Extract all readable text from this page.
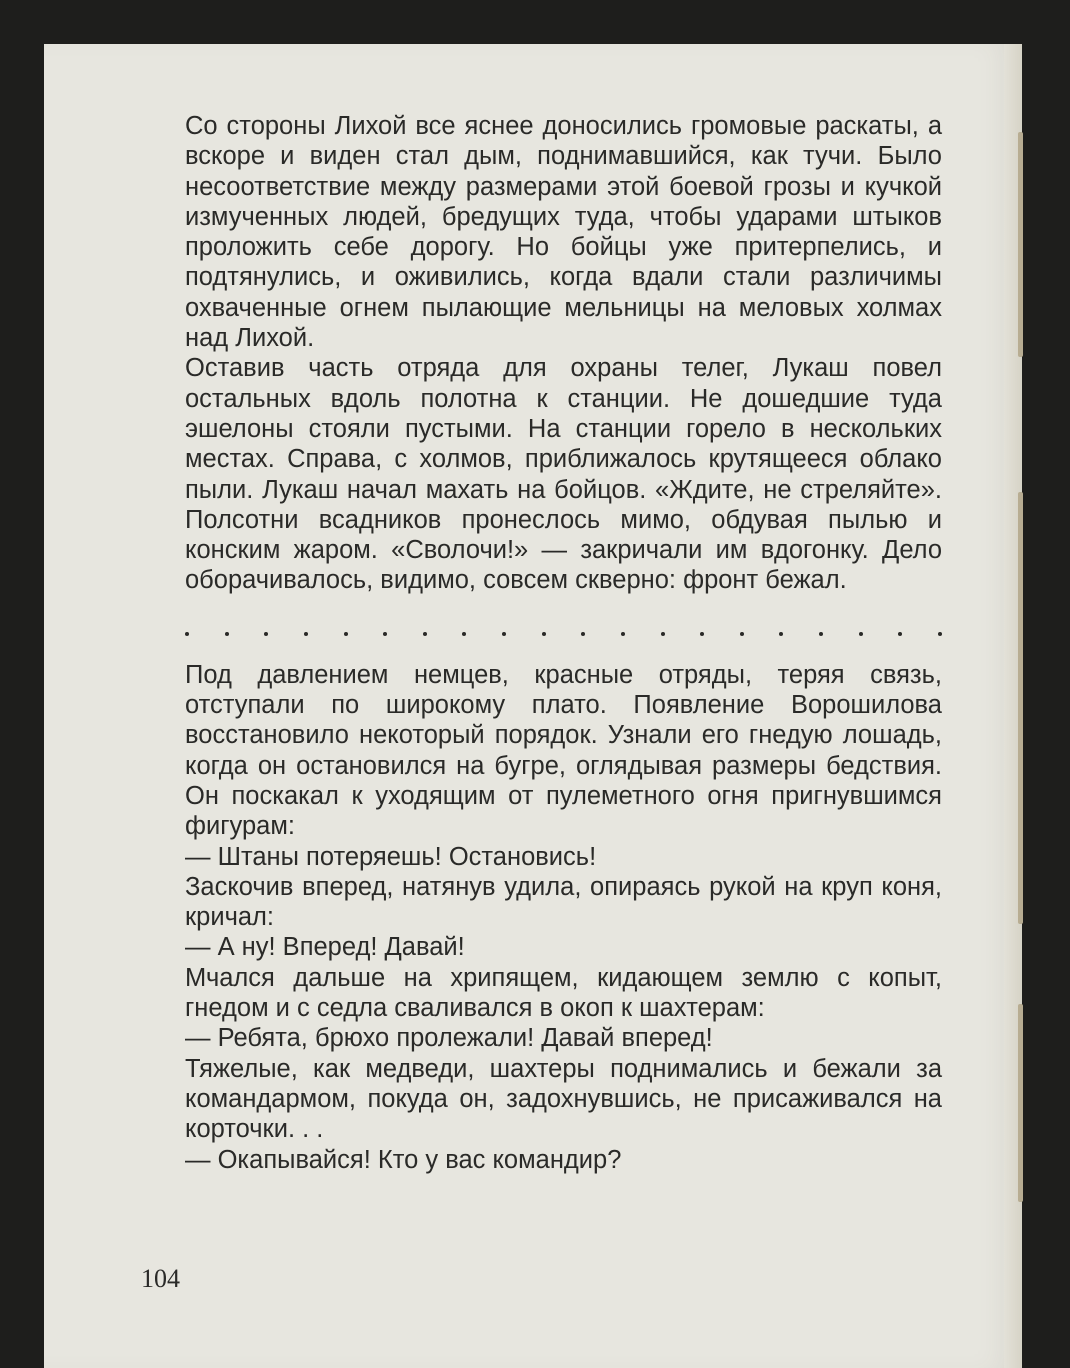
Со стороны Лихой все яснее доносились громовые раскаты, а вскоре и виден стал дым, поднимавшийся, как тучи. Было несоответствие между размерами этой боевой грозы и кучкой измученных людей, бредущих туда, чтобы ударами штыков проложить себе дорогу. Но бойцы уже притерпелись, и подтянулись, и оживились, когда вдали стали различимы охваченные огнем пылающие мельницы на меловых холмах над Лихой.

Оставив часть отряда для охраны телег, Лукаш повел остальных вдоль полотна к станции. Не дошедшие туда эшелоны стояли пустыми. На станции горело в нескольких местах. Справа, с холмов, приближалось крутящееся облако пыли. Лукаш начал махать на бойцов. «Ждите, не стреляйте». Полсотни всадников пронеслось мимо, обдувая пылью и конским жаром. «Сволочи!» — закричали им вдогонку. Дело оборачивалось, видимо, совсем скверно: фронт бежал.

Под давлением немцев, красные отряды, теряя связь, отступали по широкому плато. Появление Ворошилова восстановило некоторый порядок. Узнали его гнедую лошадь, когда он остановился на бугре, оглядывая размеры бедствия. Он поскакал к уходящим от пулеметного огня пригнувшимся фигурам:

— Штаны потеряешь! Остановись!

Заскочив вперед, натянув удила, опираясь рукой на круп коня, кричал:

— А ну! Вперед! Давай!

Мчался дальше на хрипящем, кидающем землю с копыт, гнедом и с седла сваливался в окоп к шахтерам:

— Ребята, брюхо пролежали! Давай вперед!

Тяжелые, как медведи, шахтеры поднимались и бежали за командармом, покуда он, задохнувшись, не присаживался на корточки. . .

— Окапывайся! Кто у вас командир?

104
